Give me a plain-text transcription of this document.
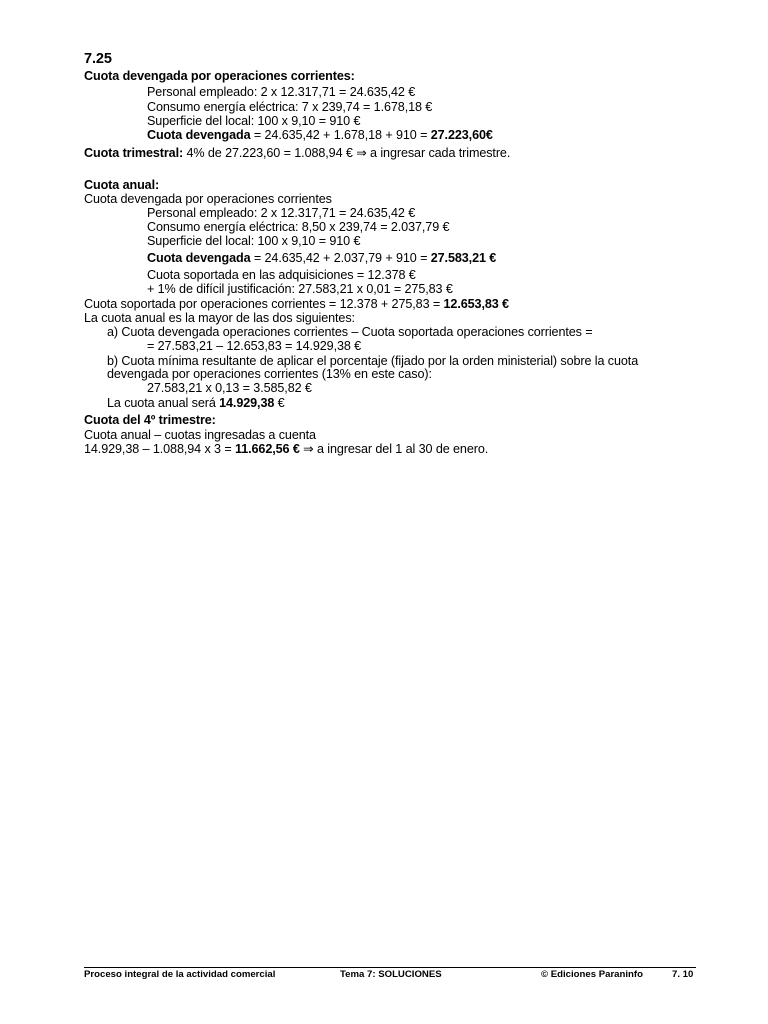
7.25
Cuota devengada por operaciones corrientes:
Personal empleado: 2 x 12.317,71 = 24.635,42 €
Consumo energía eléctrica: 7 x 239,74 = 1.678,18 €
Superficie del local: 100 x 9,10 = 910 €
Cuota devengada = 24.635,42 + 1.678,18 + 910 = 27.223,60€
Cuota trimestral: 4% de 27.223,60 = 1.088,94 € ⇒ a ingresar cada trimestre.
Cuota anual:
Cuota devengada por operaciones corrientes
Personal empleado: 2 x 12.317,71 = 24.635,42 €
Consumo energía eléctrica: 8,50 x 239,74 = 2.037,79 €
Superficie del local: 100 x 9,10 = 910 €
Cuota devengada = 24.635,42 + 2.037,79 + 910 = 27.583,21 €
Cuota soportada en las adquisiciones = 12.378 €
+ 1% de difícil justificación: 27.583,21 x 0,01 = 275,83 €
Cuota soportada por operaciones corrientes = 12.378 + 275,83 = 12.653,83 €
La cuota anual es la mayor de las dos siguientes:
a) Cuota devengada operaciones corrientes – Cuota soportada operaciones corrientes =
= 27.583,21 – 12.653,83 = 14.929,38 €
b) Cuota mínima resultante de aplicar el porcentaje (fijado por la orden ministerial) sobre la cuota
devengada por operaciones corrientes (13% en este caso):
27.583,21 x 0,13 = 3.585,82 €
La cuota anual será 14.929,38 €
Cuota del 4º trimestre:
Cuota anual – cuotas ingresadas a cuenta
14.929,38 – 1.088,94 x 3 = 11.662,56 € ⇒ a ingresar del 1 al 30 de enero.
Proceso integral de la actividad comercial	Tema 7: SOLUCIONES	© Ediciones Paraninfo	7. 10
